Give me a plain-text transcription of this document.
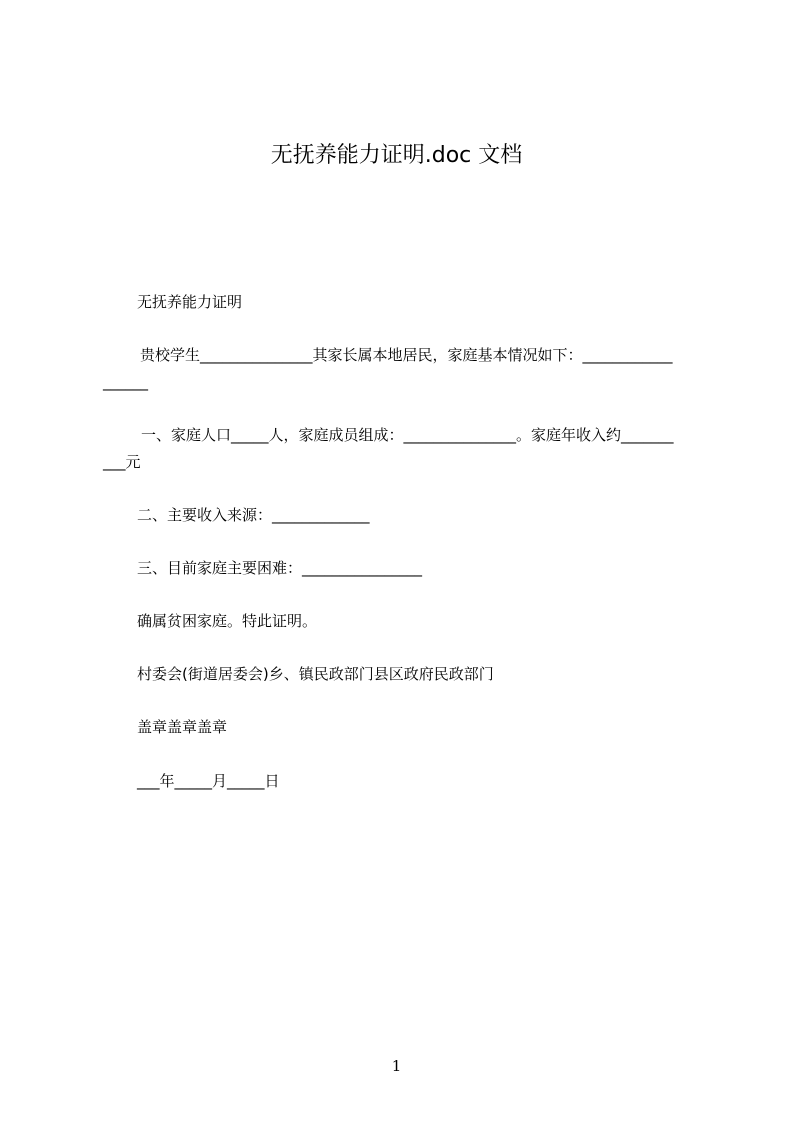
无抚养能力证明.doc 文档
无抚养能力证明
贵校学生_______________其家长属本地居民，家庭基本情况如下：____________
______
一、家庭人口_____人，家庭成员组成：_______________。家庭年收入约_______
___元
二、主要收入来源：_____________
三、目前家庭主要困难：________________
确属贫困家庭。特此证明。
村委会(街道居委会)乡、镇民政部门县区政府民政部门
盖章盖章盖章
___年_____月_____日
1
